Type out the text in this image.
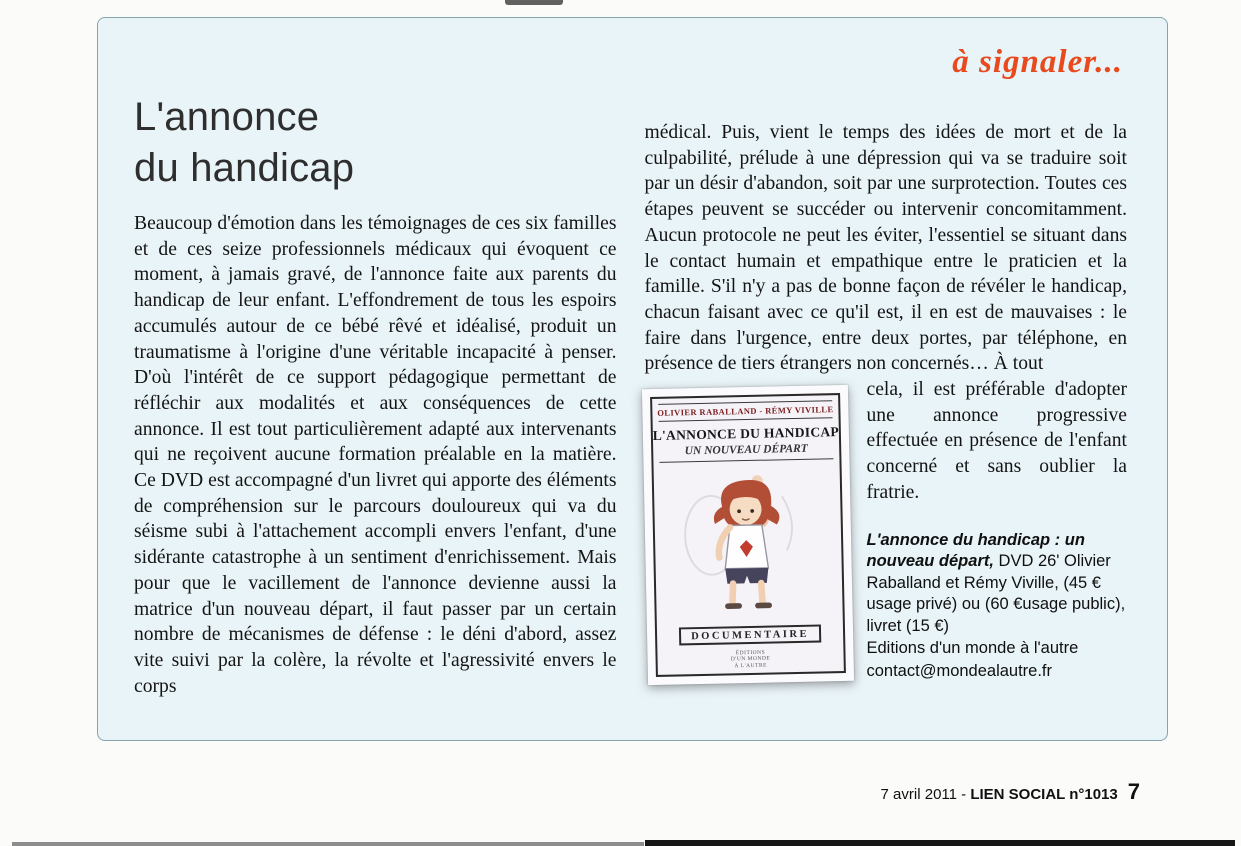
à signaler...
L'annonce
du handicap

Beaucoup d'émotion dans les témoignages de ces six familles et de ces seize professionnels médicaux qui évoquent ce moment, à jamais gravé, de l'annonce faite aux parents du handicap de leur enfant. L'effondrement de tous les espoirs accumulés autour de ce bébé rêvé et idéalisé, produit un traumatisme à l'origine d'une véritable incapacité à penser. D'où l'intérêt de ce support pédagogique permettant de réfléchir aux modalités et aux conséquences de cette annonce. Il est tout particulièrement adapté aux intervenants qui ne reçoivent aucune formation préalable en la matière. Ce DVD est accompagné d'un livret qui apporte des éléments de compréhension sur le parcours douloureux qui va du séisme subi à l'attachement accompli envers l'enfant, d'une sidérante catastrophe à un sentiment d'enrichissement. Mais pour que le vacillement de l'annonce devienne aussi la matrice d'un nouveau départ, il faut passer par un certain nombre de mécanismes de défense : le déni d'abord, assez vite suivi par la colère, la révolte et l'agressivité envers le corps

médical. Puis, vient le temps des idées de mort et de la culpabilité, prélude à une dépression qui va se traduire soit par un désir d'abandon, soit par une surprotection. Toutes ces étapes peuvent se succéder ou intervenir concomitamment. Aucun protocole ne peut les éviter, l'essentiel se situant dans le contact humain et empathique entre le praticien et la famille. S'il n'y a pas de bonne façon de révéler le handicap, chacun faisant avec ce qu'il est, il en est de mauvaises : le faire dans l'urgence, entre deux portes, par téléphone, en présence de tiers étrangers non concernés… À tout

OLIVIER RABALLAND - RÉMY VIVILLE
L'ANNONCE DU HANDICAP
UN NOUVEAU DÉPART
DOCUMENTAIRE
ÉDITIONS
D'UN MONDE
À L'AUTRE

cela, il est préférable d'adopter une annonce progressive effectuée en présence de l'enfant concerné et sans oublier la fratrie.

L'annonce du handicap : un nouveau départ, DVD 26' Olivier Raballand et Rémy Viville, (45 € usage privé) ou (60 €usage public), livret (15 €)
Editions d'un monde à l'autre
contact@mondealautre.fr
7 avril 2011 - LIEN SOCIAL n°1013 7
